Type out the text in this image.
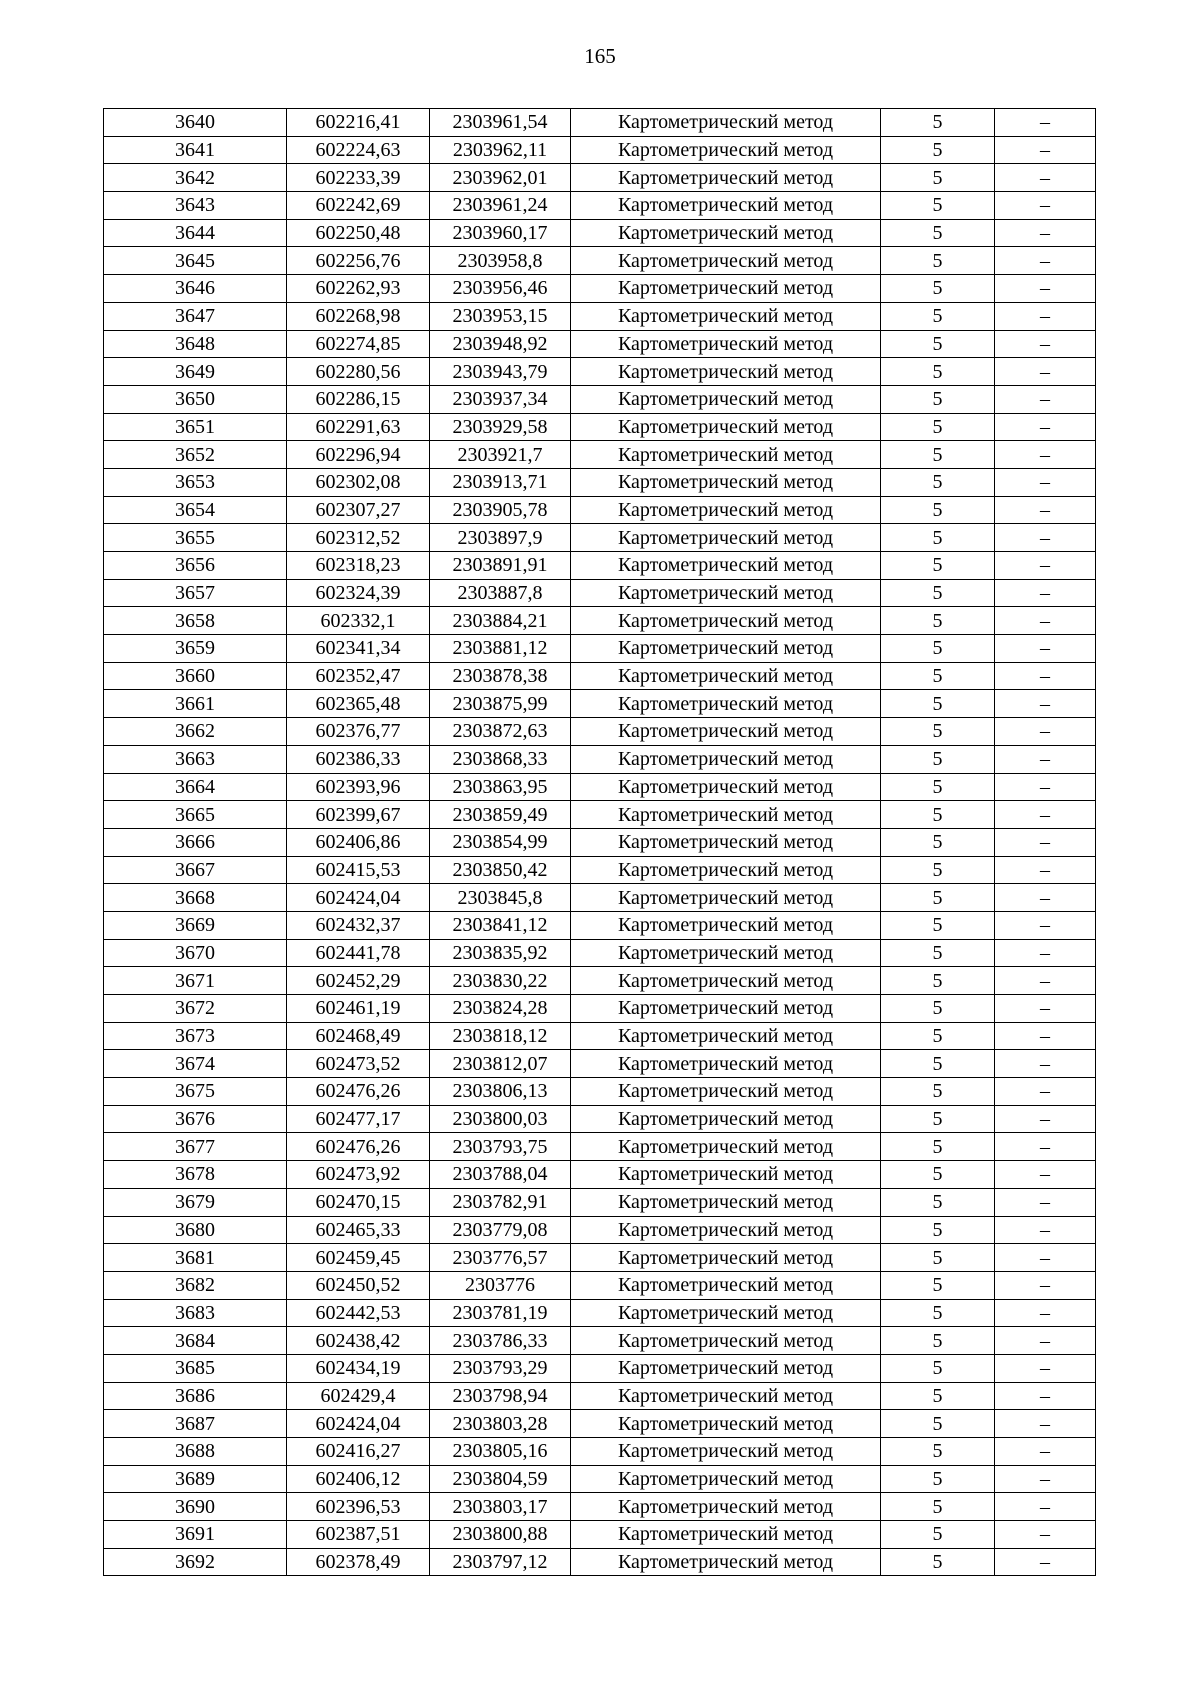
165
3640	602216,41	2303961,54	Картометрический метод	5	–
3641	602224,63	2303962,11	Картометрический метод	5	–
3642	602233,39	2303962,01	Картометрический метод	5	–
3643	602242,69	2303961,24	Картометрический метод	5	–
3644	602250,48	2303960,17	Картометрический метод	5	–
3645	602256,76	2303958,8	Картометрический метод	5	–
3646	602262,93	2303956,46	Картометрический метод	5	–
3647	602268,98	2303953,15	Картометрический метод	5	–
3648	602274,85	2303948,92	Картометрический метод	5	–
3649	602280,56	2303943,79	Картометрический метод	5	–
3650	602286,15	2303937,34	Картометрический метод	5	–
3651	602291,63	2303929,58	Картометрический метод	5	–
3652	602296,94	2303921,7	Картометрический метод	5	–
3653	602302,08	2303913,71	Картометрический метод	5	–
3654	602307,27	2303905,78	Картометрический метод	5	–
3655	602312,52	2303897,9	Картометрический метод	5	–
3656	602318,23	2303891,91	Картометрический метод	5	–
3657	602324,39	2303887,8	Картометрический метод	5	–
3658	602332,1	2303884,21	Картометрический метод	5	–
3659	602341,34	2303881,12	Картометрический метод	5	–
3660	602352,47	2303878,38	Картометрический метод	5	–
3661	602365,48	2303875,99	Картометрический метод	5	–
3662	602376,77	2303872,63	Картометрический метод	5	–
3663	602386,33	2303868,33	Картометрический метод	5	–
3664	602393,96	2303863,95	Картометрический метод	5	–
3665	602399,67	2303859,49	Картометрический метод	5	–
3666	602406,86	2303854,99	Картометрический метод	5	–
3667	602415,53	2303850,42	Картометрический метод	5	–
3668	602424,04	2303845,8	Картометрический метод	5	–
3669	602432,37	2303841,12	Картометрический метод	5	–
3670	602441,78	2303835,92	Картометрический метод	5	–
3671	602452,29	2303830,22	Картометрический метод	5	–
3672	602461,19	2303824,28	Картометрический метод	5	–
3673	602468,49	2303818,12	Картометрический метод	5	–
3674	602473,52	2303812,07	Картометрический метод	5	–
3675	602476,26	2303806,13	Картометрический метод	5	–
3676	602477,17	2303800,03	Картометрический метод	5	–
3677	602476,26	2303793,75	Картометрический метод	5	–
3678	602473,92	2303788,04	Картометрический метод	5	–
3679	602470,15	2303782,91	Картометрический метод	5	–
3680	602465,33	2303779,08	Картометрический метод	5	–
3681	602459,45	2303776,57	Картометрический метод	5	–
3682	602450,52	2303776	Картометрический метод	5	–
3683	602442,53	2303781,19	Картометрический метод	5	–
3684	602438,42	2303786,33	Картометрический метод	5	–
3685	602434,19	2303793,29	Картометрический метод	5	–
3686	602429,4	2303798,94	Картометрический метод	5	–
3687	602424,04	2303803,28	Картометрический метод	5	–
3688	602416,27	2303805,16	Картометрический метод	5	–
3689	602406,12	2303804,59	Картометрический метод	5	–
3690	602396,53	2303803,17	Картометрический метод	5	–
3691	602387,51	2303800,88	Картометрический метод	5	–
3692	602378,49	2303797,12	Картометрический метод	5	–
